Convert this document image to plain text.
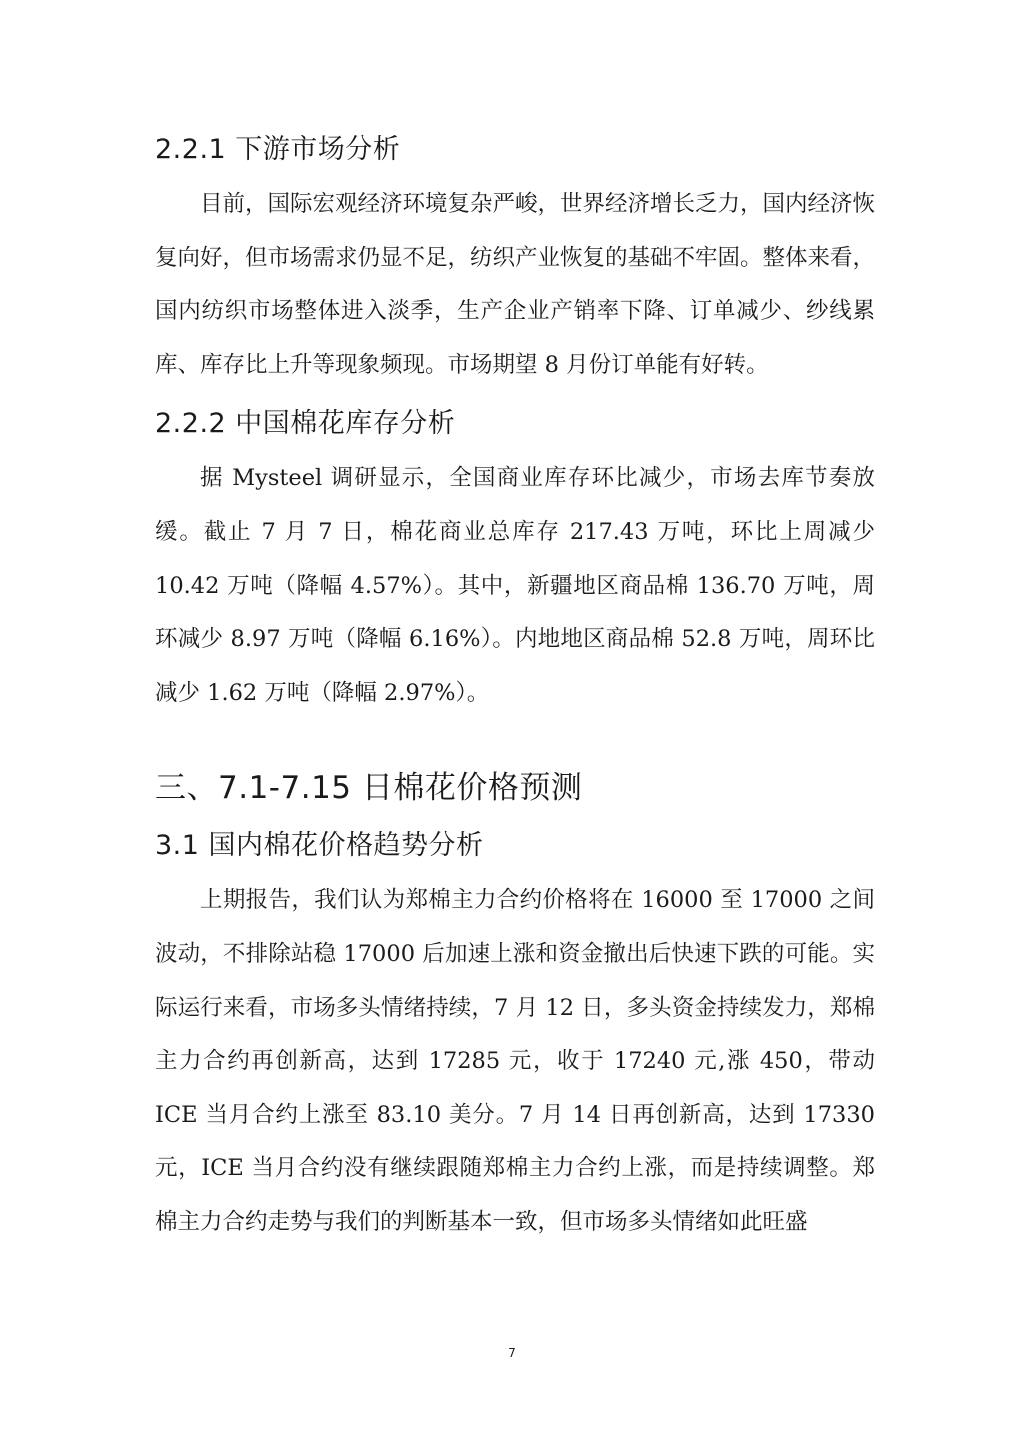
2.2.1 下游市场分析

目前，国际宏观经济环境复杂严峻，世界经济增长乏力，国内经济恢复向好，但市场需求仍显不足，纺织产业恢复的基础不牢固。整体来看，国内纺织市场整体进入淡季，生产企业产销率下降、订单减少、纱线累库、库存比上升等现象频现。市场期望 8 月份订单能有好转。

2.2.2 中国棉花库存分析

据 Mysteel 调研显示，全国商业库存环比减少，市场去库节奏放缓。截止 7 月 7 日，棉花商业总库存 217.43 万吨，环比上周减少 10.42 万吨（降幅 4.57%）。其中，新疆地区商品棉 136.70 万吨，周环减少 8.97 万吨（降幅 6.16%）。内地地区商品棉 52.8 万吨，周环比减少 1.62 万吨（降幅 2.97%）。

三、7.1-7.15 日棉花价格预测
3.1 国内棉花价格趋势分析

上期报告，我们认为郑棉主力合约价格将在 16000 至 17000 之间波动，不排除站稳 17000 后加速上涨和资金撤出后快速下跌的可能。实际运行来看，市场多头情绪持续，7 月 12 日，多头资金持续发力，郑棉主力合约再创新高，达到 17285 元，收于 17240 元,涨 450，带动 ICE 当月合约上涨至 83.10 美分。7 月 14 日再创新高，达到 17330 元，ICE 当月合约没有继续跟随郑棉主力合约上涨，而是持续调整。郑棉主力合约走势与我们的判断基本一致，但市场多头情绪如此旺盛

7
